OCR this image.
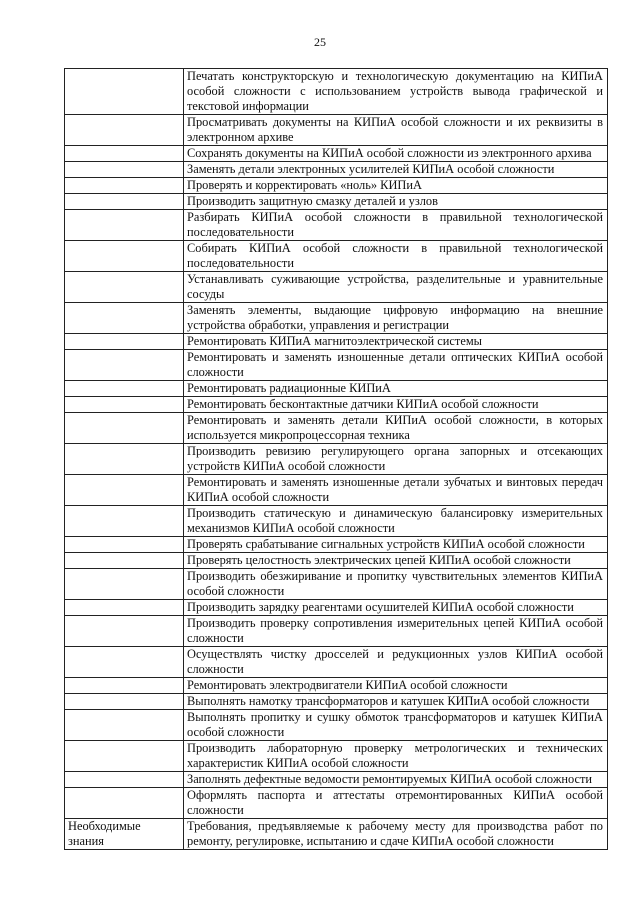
25
	Печатать конструкторскую и технологическую документацию на КИПиА особой сложности с использованием устройств вывода графической и текстовой информации
	Просматривать документы на КИПиА особой сложности и их реквизиты в электронном архиве
	Сохранять документы на КИПиА особой сложности из электронного архива
	Заменять детали электронных усилителей КИПиА особой сложности
	Проверять и корректировать «ноль» КИПиА
	Производить защитную смазку деталей и узлов
	Разбирать КИПиА особой сложности в правильной технологической последовательности
	Собирать КИПиА особой сложности в правильной технологической последовательности
	Устанавливать суживающие устройства, разделительные и уравнительные сосуды
	Заменять элементы, выдающие цифровую информацию на внешние устройства обработки, управления и регистрации
	Ремонтировать КИПиА магнитоэлектрической системы
	Ремонтировать и заменять изношенные детали оптических КИПиА особой сложности
	Ремонтировать радиационные КИПиА
	Ремонтировать бесконтактные датчики КИПиА особой сложности
	Ремонтировать и заменять детали КИПиА особой сложности, в которых используется микропроцессорная техника
	Производить ревизию регулирующего органа запорных и отсекающих устройств КИПиА особой сложности
	Ремонтировать и заменять изношенные детали зубчатых и винтовых передач КИПиА особой сложности
	Производить статическую и динамическую балансировку измерительных механизмов КИПиА особой сложности
	Проверять срабатывание сигнальных устройств КИПиА особой сложности
	Проверять целостность электрических цепей КИПиА особой сложности
	Производить обезжиривание и пропитку чувствительных элементов КИПиА особой сложности
	Производить зарядку реагентами осушителей КИПиА особой сложности
	Производить проверку сопротивления измерительных цепей КИПиА особой сложности
	Осуществлять чистку дросселей и редукционных узлов КИПиА особой сложности
	Ремонтировать электродвигатели КИПиА особой сложности
	Выполнять намотку трансформаторов и катушек КИПиА особой сложности
	Выполнять пропитку и сушку обмоток трансформаторов и катушек КИПиА особой сложности
	Производить лабораторную проверку метрологических и технических характеристик КИПиА особой сложности
	Заполнять дефектные ведомости ремонтируемых КИПиА особой сложности
	Оформлять паспорта и аттестаты отремонтированных КИПиА особой сложности
Необходимые знания	Требования, предъявляемые к рабочему месту для производства работ по ремонту, регулировке, испытанию и сдаче КИПиА особой сложности
